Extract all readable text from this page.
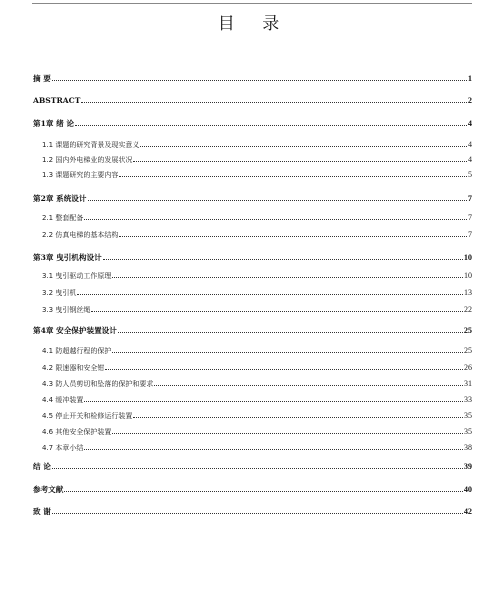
目 录
摘 要	1
ABSTRACT	2
第1章 绪 论	4
1.1 课题的研究背景及现实意义	4
1.2 国内外电梯业的发展状况	4
1.3 课题研究的主要内容	5
第2章 系统设计	7
2.1 整套配备	7
2.2 仿真电梯的基本结构	7
第3章 曳引机构设计	10
3.1 曳引驱动工作原理	10
3.2 曳引机	13
3.3 曳引钢丝绳	22
第4章 安全保护装置设计	25
4.1 防超越行程的保护	25
4.2 限速器和安全钳	26
4.3 防人员剪切和坠落的保护和要求	31
4.4 缓冲装置	33
4.5 停止开关和检修运行装置	35
4.6 其他安全保护装置	35
4.7 本章小结	38
结 论	39
参考文献	40
致 谢	42
